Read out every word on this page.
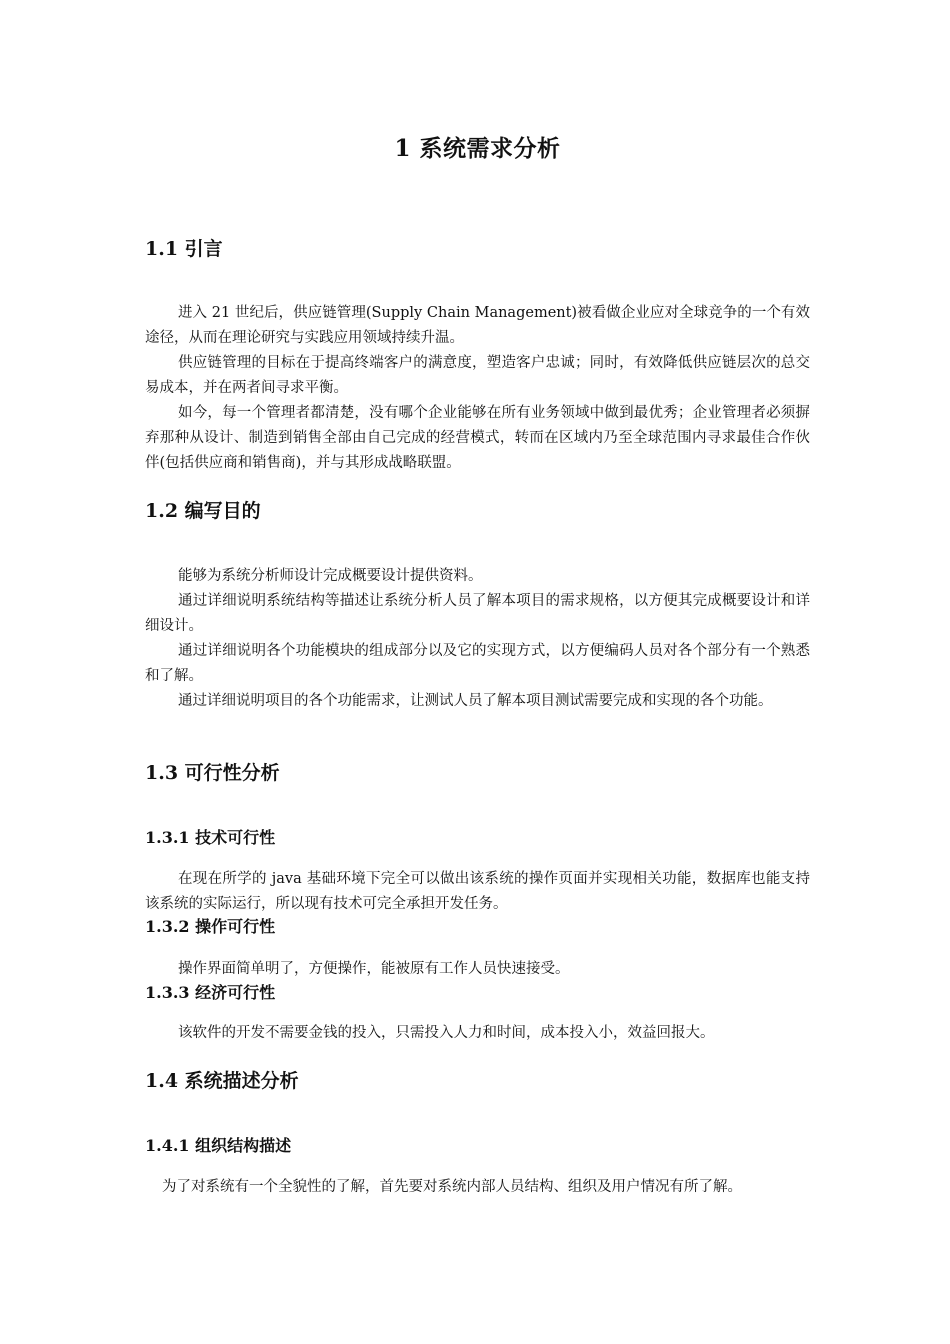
1 系统需求分析
1.1 引言

进入 21 世纪后，供应链管理(Supply Chain Management)被看做企业应对全球竞争的一个有效途径，从而在理论研究与实践应用领域持续升温。

供应链管理的目标在于提高终端客户的满意度，塑造客户忠诚；同时，有效降低供应链层次的总交易成本，并在两者间寻求平衡。

如今，每一个管理者都清楚，没有哪个企业能够在所有业务领域中做到最优秀；企业管理者必须摒弃那种从设计、制造到销售全部由自己完成的经营模式，转而在区域内乃至全球范围内寻求最佳合作伙伴(包括供应商和销售商)，并与其形成战略联盟。

1.2 编写目的

能够为系统分析师设计完成概要设计提供资料。

通过详细说明系统结构等描述让系统分析人员了解本项目的需求规格，以方便其完成概要设计和详细设计。

通过详细说明各个功能模块的组成部分以及它的实现方式，以方便编码人员对各个部分有一个熟悉和了解。

通过详细说明项目的各个功能需求，让测试人员了解本项目测试需要完成和实现的各个功能。

1.3 可行性分析
1.3.1 技术可行性

在现在所学的 java 基础环境下完全可以做出该系统的操作页面并实现相关功能，数据库也能支持该系统的实际运行，所以现有技术可完全承担开发任务。

1.3.2 操作可行性

操作界面简单明了，方便操作，能被原有工作人员快速接受。

1.3.3 经济可行性

该软件的开发不需要金钱的投入，只需投入人力和时间，成本投入小，效益回报大。

1.4 系统描述分析
1.4.1 组织结构描述

为了对系统有一个全貌性的了解，首先要对系统内部人员结构、组织及用户情况有所了解。
